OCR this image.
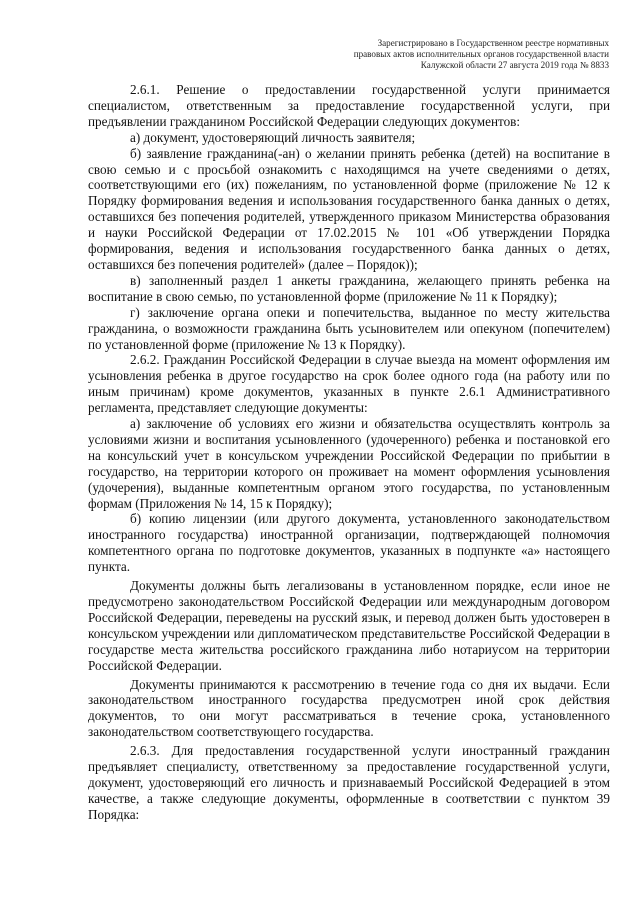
Зарегистрировано в Государственном реестре нормативных
правовых актов исполнительных органов государственной власти
Калужской области 27 августа 2019 года № 8833

2.6.1. Решение о предоставлении государственной услуги принимается специалистом, ответственным за предоставление государственной услуги, при предъявлении гражданином Российской Федерации следующих документов:

а) документ, удостоверяющий личность заявителя;

б) заявление гражданина(-ан) о желании принять ребенка (детей) на воспитание в свою семью и с просьбой ознакомить с находящимся на учете сведениями о детях, соответствующими его (их) пожеланиям, по установленной форме (приложение № 12 к Порядку формирования ведения и использования государственного банка данных о детях, оставшихся без попечения родителей, утвержденного приказом Министерства образования и науки Российской Федерации от 17.02.2015 № 101 «Об утверждении Порядка формирования, ведения и использования государственного банка данных о детях, оставшихся без попечения родителей» (далее – Порядок));

в) заполненный раздел 1 анкеты гражданина, желающего принять ребенка на воспитание в свою семью, по установленной форме (приложение № 11 к Порядку);

г) заключение органа опеки и попечительства, выданное по месту жительства гражданина, о возможности гражданина быть усыновителем или опекуном (попечителем) по установленной форме (приложение № 13 к Порядку).

2.6.2. Гражданин Российской Федерации в случае выезда на момент оформления им усыновления ребенка в другое государство на срок более одного года (на работу или по иным причинам) кроме документов, указанных в пункте 2.6.1 Административного регламента, представляет следующие документы:

а) заключение об условиях его жизни и обязательства осуществлять контроль за условиями жизни и воспитания усыновленного (удочеренного) ребенка и постановкой его на консульский учет в консульском учреждении Российской Федерации по прибытии в государство, на территории которого он проживает на момент оформления усыновления (удочерения), выданные компетентным органом этого государства, по установленным формам (Приложения № 14, 15 к Порядку);

б) копию лицензии (или другого документа, установленного законодательством иностранного государства) иностранной организации, подтверждающей полномочия компетентного органа по подготовке документов, указанных в подпункте «а» настоящего пункта.

Документы должны быть легализованы в установленном порядке, если иное не предусмотрено законодательством Российской Федерации или международным договором Российской Федерации, переведены на русский язык, и перевод должен быть удостоверен в консульском учреждении или дипломатическом представительстве Российской Федерации в государстве места жительства российского гражданина либо нотариусом на территории Российской Федерации.

Документы принимаются к рассмотрению в течение года со дня их выдачи. Если законодательством иностранного государства предусмотрен иной срок действия документов, то они могут рассматриваться в течение срока, установленного законодательством соответствующего государства.

2.6.3. Для предоставления государственной услуги иностранный гражданин предъявляет специалисту, ответственному за предоставление государственной услуги, документ, удостоверяющий его личность и признаваемый Российской Федерацией в этом качестве, а также следующие документы, оформленные в соответствии с пунктом 39 Порядка:
